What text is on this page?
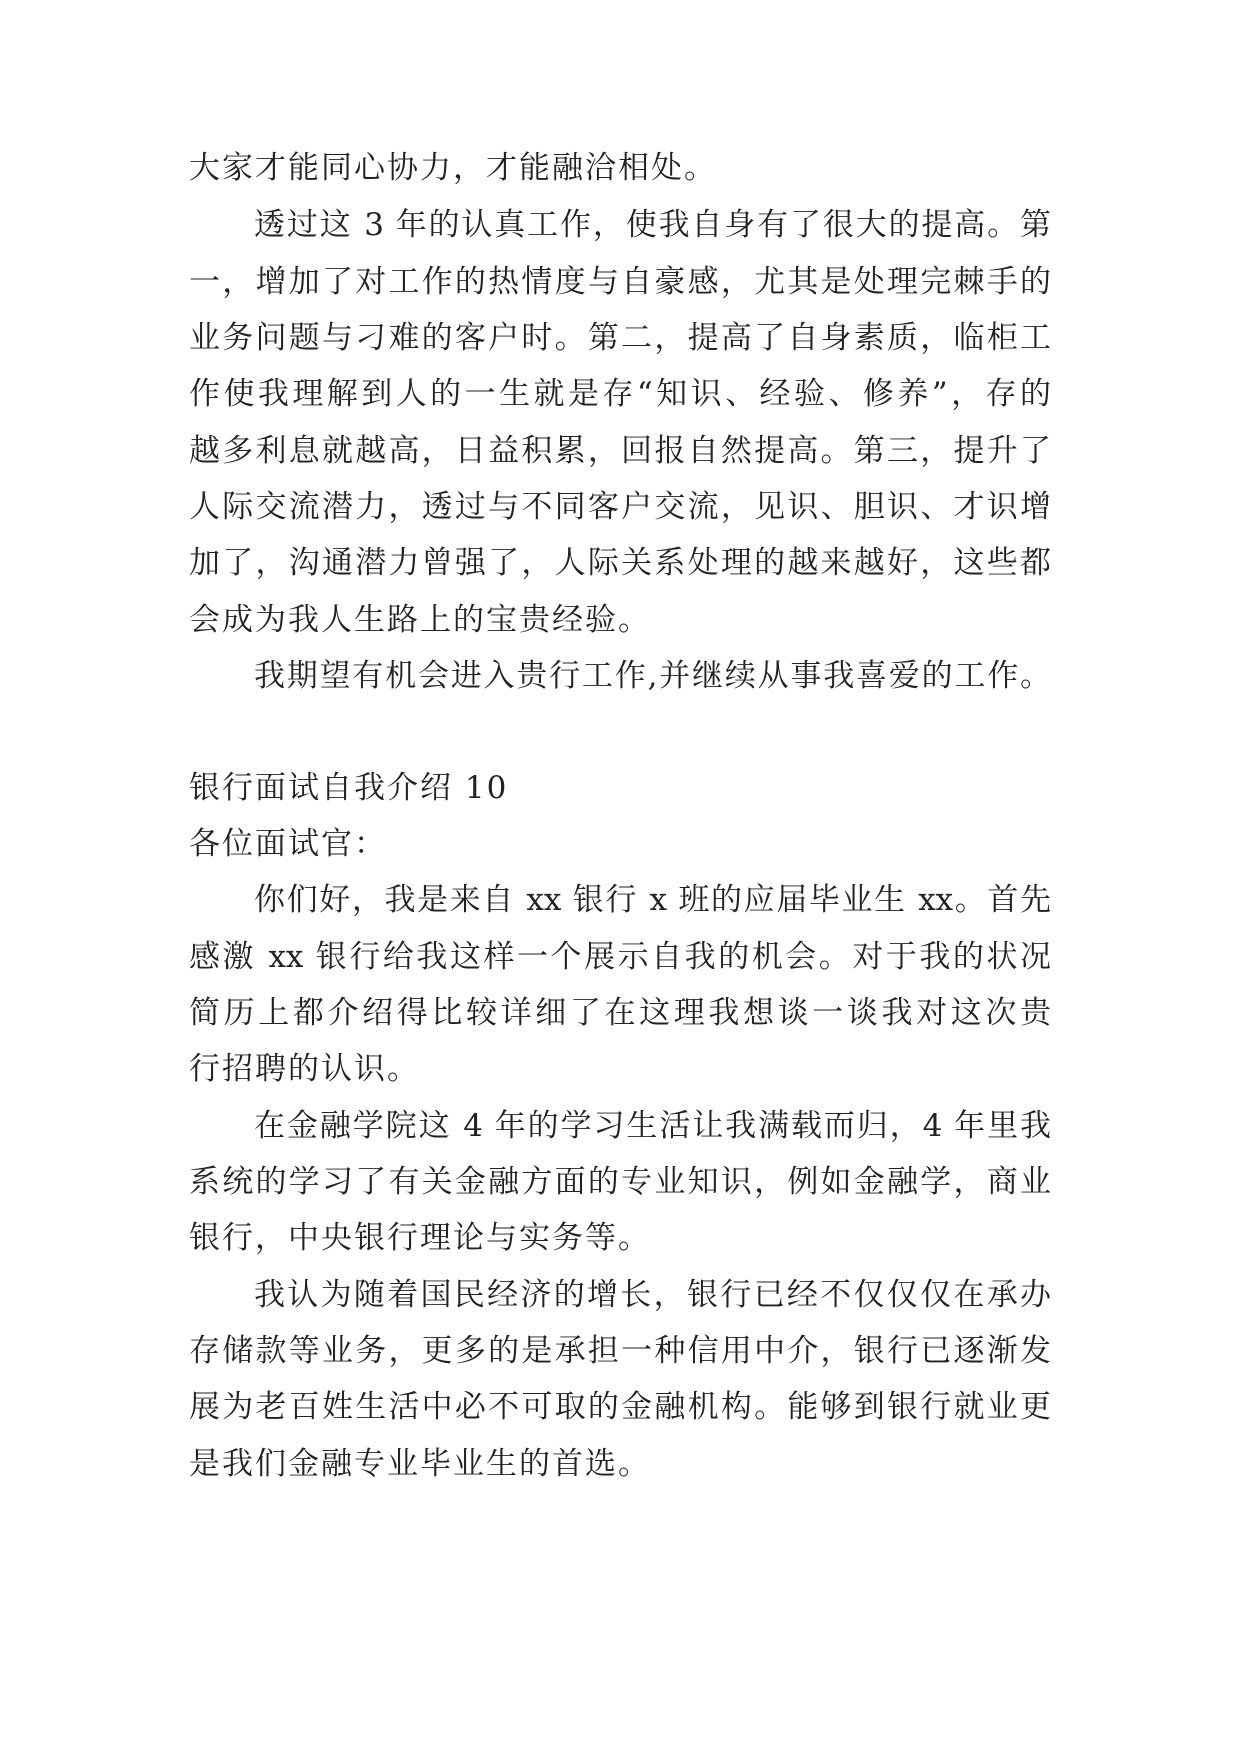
大家才能同心协力，才能融洽相处。
透过这 3 年的认真工作，使我自身有了很大的提高。第
一，增加了对工作的热情度与自豪感，尤其是处理完棘手的
业务问题与刁难的客户时。第二，提高了自身素质，临柜工
作使我理解到人的一生就是存“知识、经验、修养”，存的
越多利息就越高，日益积累，回报自然提高。第三，提升了
人际交流潜力，透过与不同客户交流，见识、胆识、才识增
加了，沟通潜力曾强了，人际关系处理的越来越好，这些都
会成为我人生路上的宝贵经验。
我期望有机会进入贵行工作,并继续从事我喜爱的工作。
银行面试自我介绍 10
各位面试官：
你们好，我是来自 xx 银行 x 班的应届毕业生 xx。首先
感激 xx 银行给我这样一个展示自我的机会。对于我的状况
简历上都介绍得比较详细了在这理我想谈一谈我对这次贵
行招聘的认识。
在金融学院这 4 年的学习生活让我满载而归，4 年里我
系统的学习了有关金融方面的专业知识，例如金融学，商业
银行，中央银行理论与实务等。
我认为随着国民经济的增长，银行已经不仅仅仅在承办
存储款等业务，更多的是承担一种信用中介，银行已逐渐发
展为老百姓生活中必不可取的金融机构。能够到银行就业更
是我们金融专业毕业生的首选。
